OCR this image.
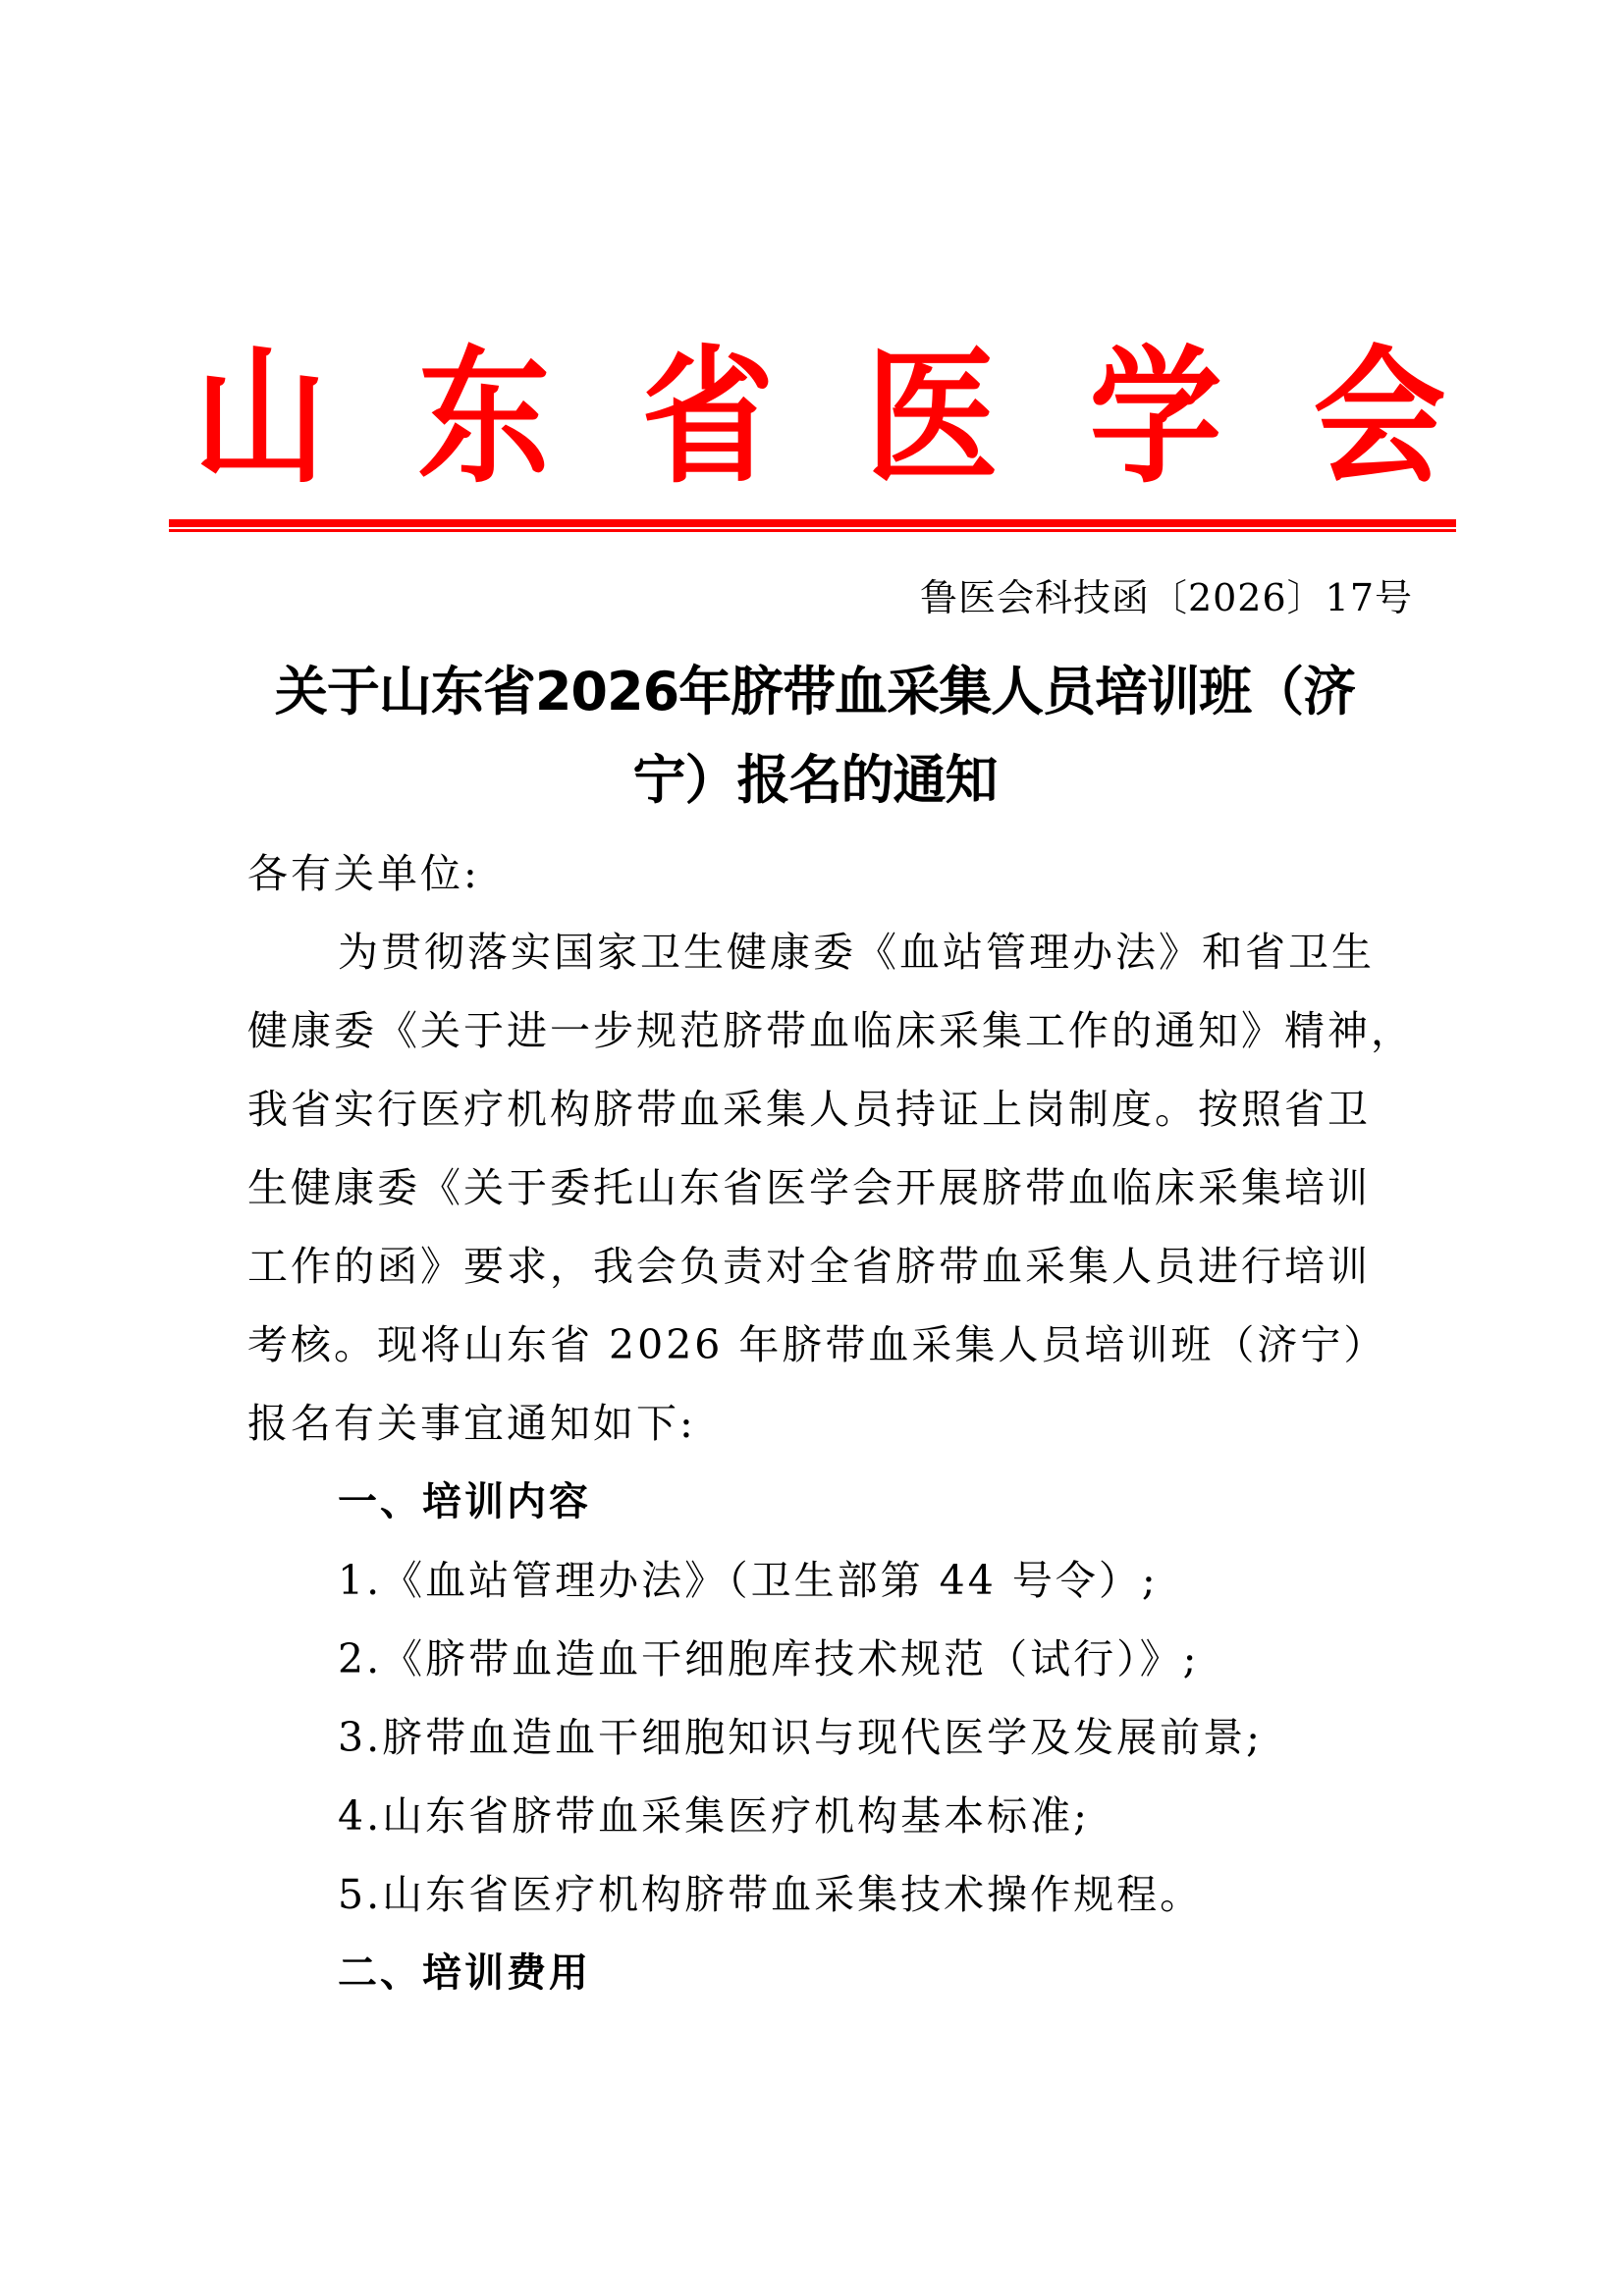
山 东 省 医 学 会
鲁医会科技函〔2026〕17号
关于山东省2026年脐带血采集人员培训班（济
宁）报名的通知
各有关单位:
为贯彻落实国家卫生健康委《血站管理办法》和省卫生
健康委《关于进一步规范脐带血临床采集工作的通知》精神，
我省实行医疗机构脐带血采集人员持证上岗制度。按照省卫
生健康委《关于委托山东省医学会开展脐带血临床采集培训
工作的函》要求，我会负责对全省脐带血采集人员进行培训
考核。现将山东省 2026 年脐带血采集人员培训班（济宁）
报名有关事宜通知如下:
一、培训内容
1.《血站管理办法》（卫生部第 44 号令）;
2.《脐带血造血干细胞库技术规范（试行）》;
3.脐带血造血干细胞知识与现代医学及发展前景;
4.山东省脐带血采集医疗机构基本标准;
5.山东省医疗机构脐带血采集技术操作规程。
二、培训费用
